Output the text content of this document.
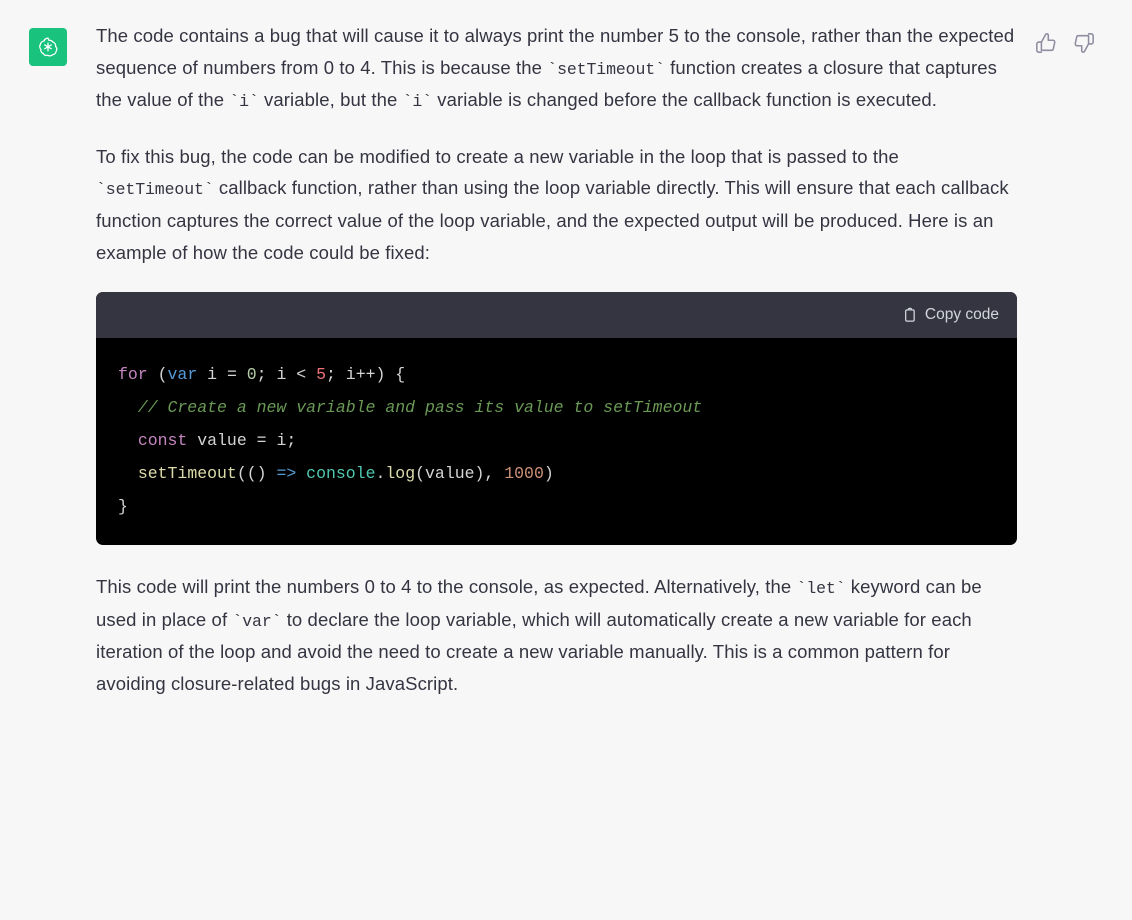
The code contains a bug that will cause it to always print the number 5 to the console, rather than the expected sequence of numbers from 0 to 4. This is because the `setTimeout` function creates a closure that captures the value of the `i` variable, but the `i` variable is changed before the callback function is executed.

To fix this bug, the code can be modified to create a new variable in the loop that is passed to the `setTimeout` callback function, rather than using the loop variable directly. This will ensure that each callback function captures the correct value of the loop variable, and the expected output will be produced. Here is an example of how the code could be fixed:

Copy code
for (var i = 0; i < 5; i++) {
// Create a new variable and pass its value to setTimeout
const value = i;
setTimeout(() => console.log(value), 1000)
}

This code will print the numbers 0 to 4 to the console, as expected. Alternatively, the `let` keyword can be used in place of `var` to declare the loop variable, which will automatically create a new variable for each iteration of the loop and avoid the need to create a new variable manually. This is a common pattern for avoiding closure-related bugs in JavaScript.
